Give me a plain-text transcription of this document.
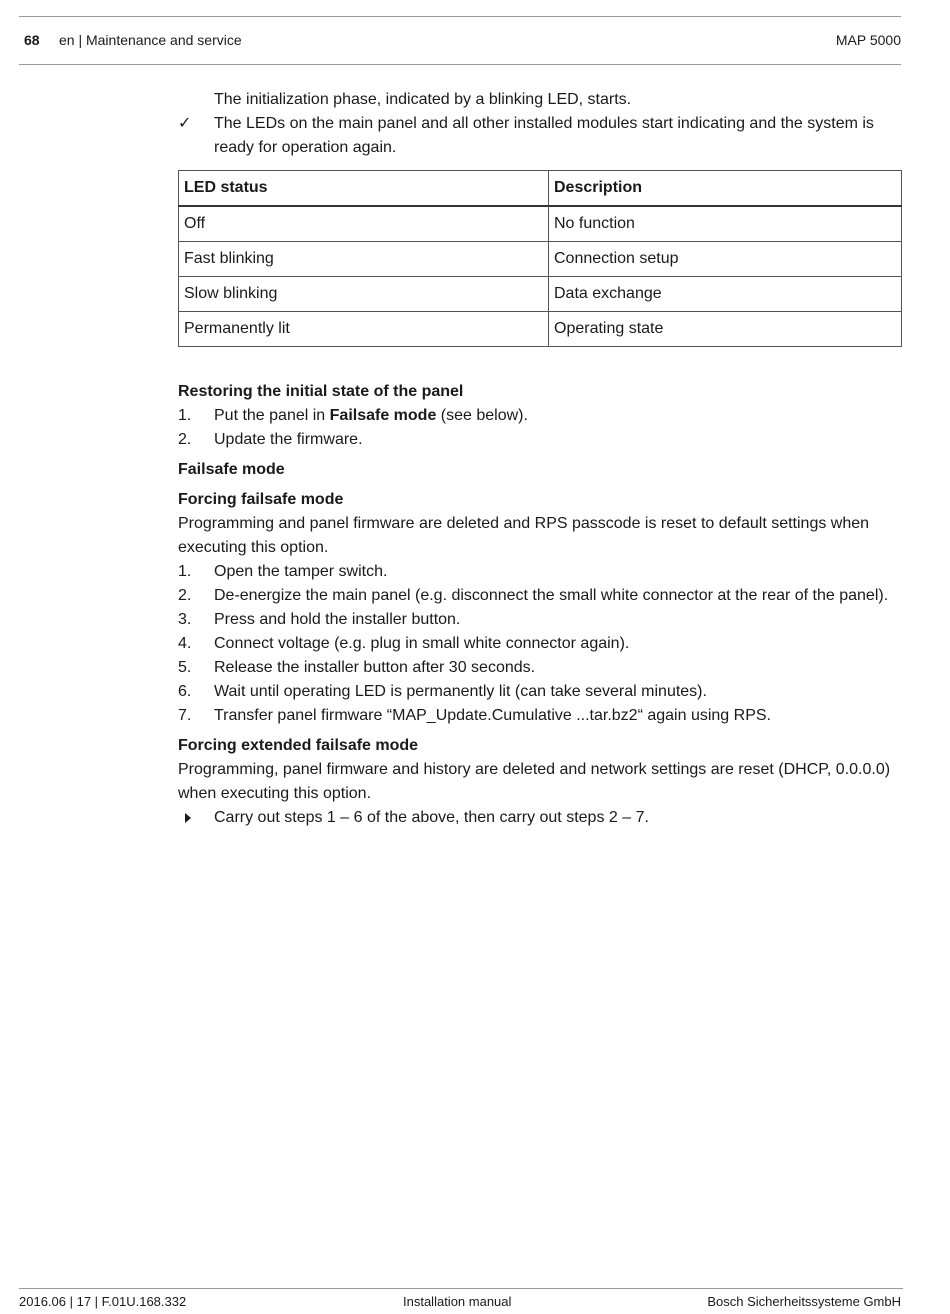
68 en | Maintenance and service	MAP 5000
The initialization phase, indicated by a blinking LED, starts.
✓ The LEDs on the main panel and all other installed modules start indicating and the system is ready for operation again.
LED status	Description
Off	No function
Fast blinking	Connection setup
Slow blinking	Data exchange
Permanently lit	Operating state
Restoring the initial state of the panel
1. Put the panel in Failsafe mode (see below).
2. Update the firmware.
Failsafe mode
Forcing failsafe mode
Programming and panel firmware are deleted and RPS passcode is reset to default settings when executing this option.
1. Open the tamper switch.
2. De-energize the main panel (e.g. disconnect the small white connector at the rear of the panel).
3. Press and hold the installer button.
4. Connect voltage (e.g. plug in small white connector again).
5. Release the installer button after 30 seconds.
6. Wait until operating LED is permanently lit (can take several minutes).
7. Transfer panel firmware “MAP_Update.Cumulative ...tar.bz2“ again using RPS.
Forcing extended failsafe mode
Programming, panel firmware and history are deleted and network settings are reset (DHCP, 0.0.0.0) when executing this option.
Carry out steps 1 – 6 of the above, then carry out steps 2 – 7.
2016.06 | 17 | F.01U.168.332	Installation manual	Bosch Sicherheitssysteme GmbH
